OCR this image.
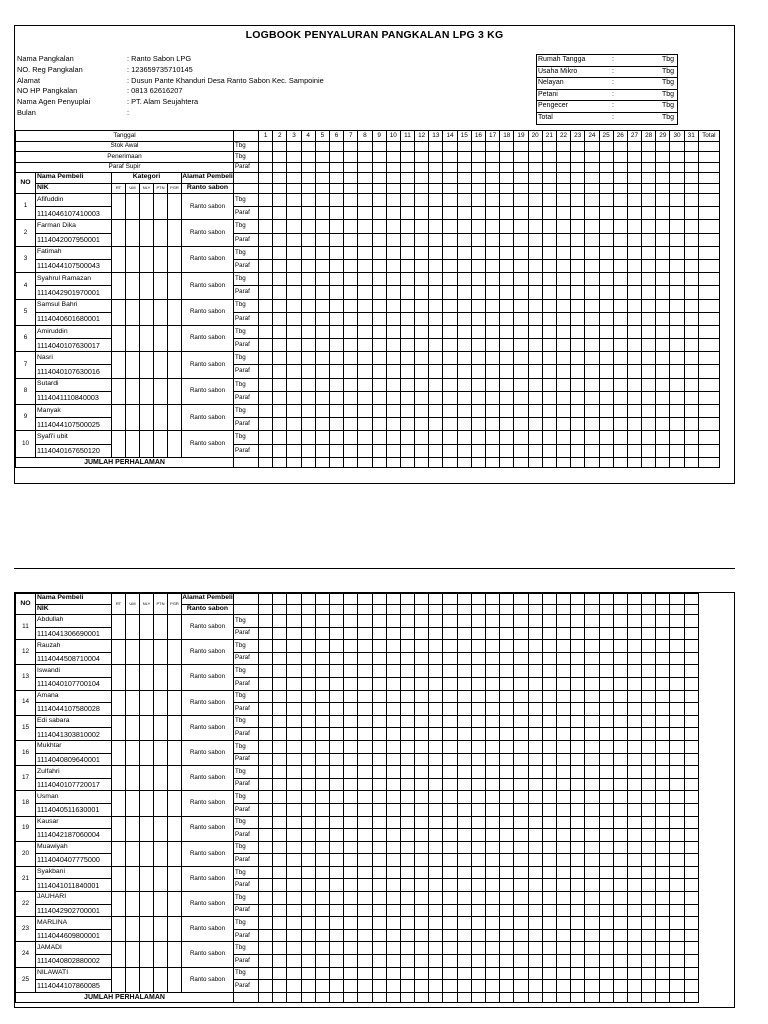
LOGBOOK PENYALURAN PANGKALAN LPG 3 KG
Nama Pangkalan	: Ranto Sabon LPG
NO. Reg Pangkalan	: 123659735710145
Alamat	: Dusun Pante Khanduri Desa Ranto Sabon Kec. Sampoinie
NO HP Pangkalan	: 0813 62616207
Nama Agen Penyuplai	: PT. Alam Seujahtera
Bulan	:
Rumah Tangga	:	Tbg
Usaha Mikro	:	Tbg
Nelayan	:	Tbg
Petani	:	Tbg
Pengecer	:	Tbg
Total	:	Tbg
Tanggal									1	2	3	4	5	6	7	8	9	10	11	12	13	14	15	16	17	18	19	20	21	22	23	24	25	26	27	28	29	30	31	Total
Stok Awal								Tbg																																
Penerimaan								Tbg																																
Paraf Supir								Paraf																																
NO	Nama Pembeli	Kategori					Alamat Pembeli																																	
	NIK	RT	UM	NLY	PTN	PGR	Ranto sabon																																	
1	Afifuddin						Ranto sabon	Tbg																																
	1114046107410003							Paraf																																
2	Farman Dika						Ranto sabon	Tbg																																
	1114042007950001							Paraf																																
3	Fatimah						Ranto sabon	Tbg																																
	1114044107500043							Paraf																																
4	Syahrul Ramazan						Ranto sabon	Tbg																																
	1114042901970001							Paraf																																
5	Samsul Bahri						Ranto sabon	Tbg																																
	1114040601680001							Paraf																																
6	Amiruddin						Ranto sabon	Tbg																																
	1114040107630017							Paraf																																
7	Nasri						Ranto sabon	Tbg																																
	1114040107630016							Paraf																																
8	Sutardi						Ranto sabon	Tbg																																
	1114041110840003							Paraf																																
9	Manyak						Ranto sabon	Tbg																																
	1114044107500025							Paraf																																
10	Syafi'i ubit						Ranto sabon	Tbg																																
	1114040167650120							Paraf																																
JUMLAH PERHALAMAN																																								
NO	Nama Pembeli	RT	UM	NLY	PTN	PGR	Alamat Pembeli																																
	NIK						Ranto sabon																																
11	Abdullah						Ranto sabon	Tbg																															
	1114041306690001							Paraf																															
12	Rauzah						Ranto sabon	Tbg																															
	1114044508710004							Paraf																															
13	Iswandi						Ranto sabon	Tbg																															
	1114040107700104							Paraf																															
14	Amana						Ranto sabon	Tbg																															
	1114044107580028							Paraf																															
15	Edi sabara						Ranto sabon	Tbg																															
	1114041303810002							Paraf																															
16	Mukhtar						Ranto sabon	Tbg																															
	1114040809640001							Paraf																															
17	Zulfahri						Ranto sabon	Tbg																															
	1114040107720017							Paraf																															
18	Usman						Ranto sabon	Tbg																															
	1114040511630001							Paraf																															
19	Kausar						Ranto sabon	Tbg																															
	1114042187060004							Paraf																															
20	Muawiyah						Ranto sabon	Tbg																															
	1114040407775000							Paraf																															
21	Syakbani						Ranto sabon	Tbg																															
	1114041011840001							Paraf																															
22	JAUHARI						Ranto sabon	Tbg																															
	1114042902700001							Paraf																															
23	MARLINA						Ranto sabon	Tbg																															
	1114044609800001							Paraf																															
24	JAMADI						Ranto sabon	Tbg																															
	1114040802880002							Paraf																															
25	NILAWATI						Ranto sabon	Tbg																															
	1114044107860085							Paraf																															
JUMLAH PERHALAMAN																																							
